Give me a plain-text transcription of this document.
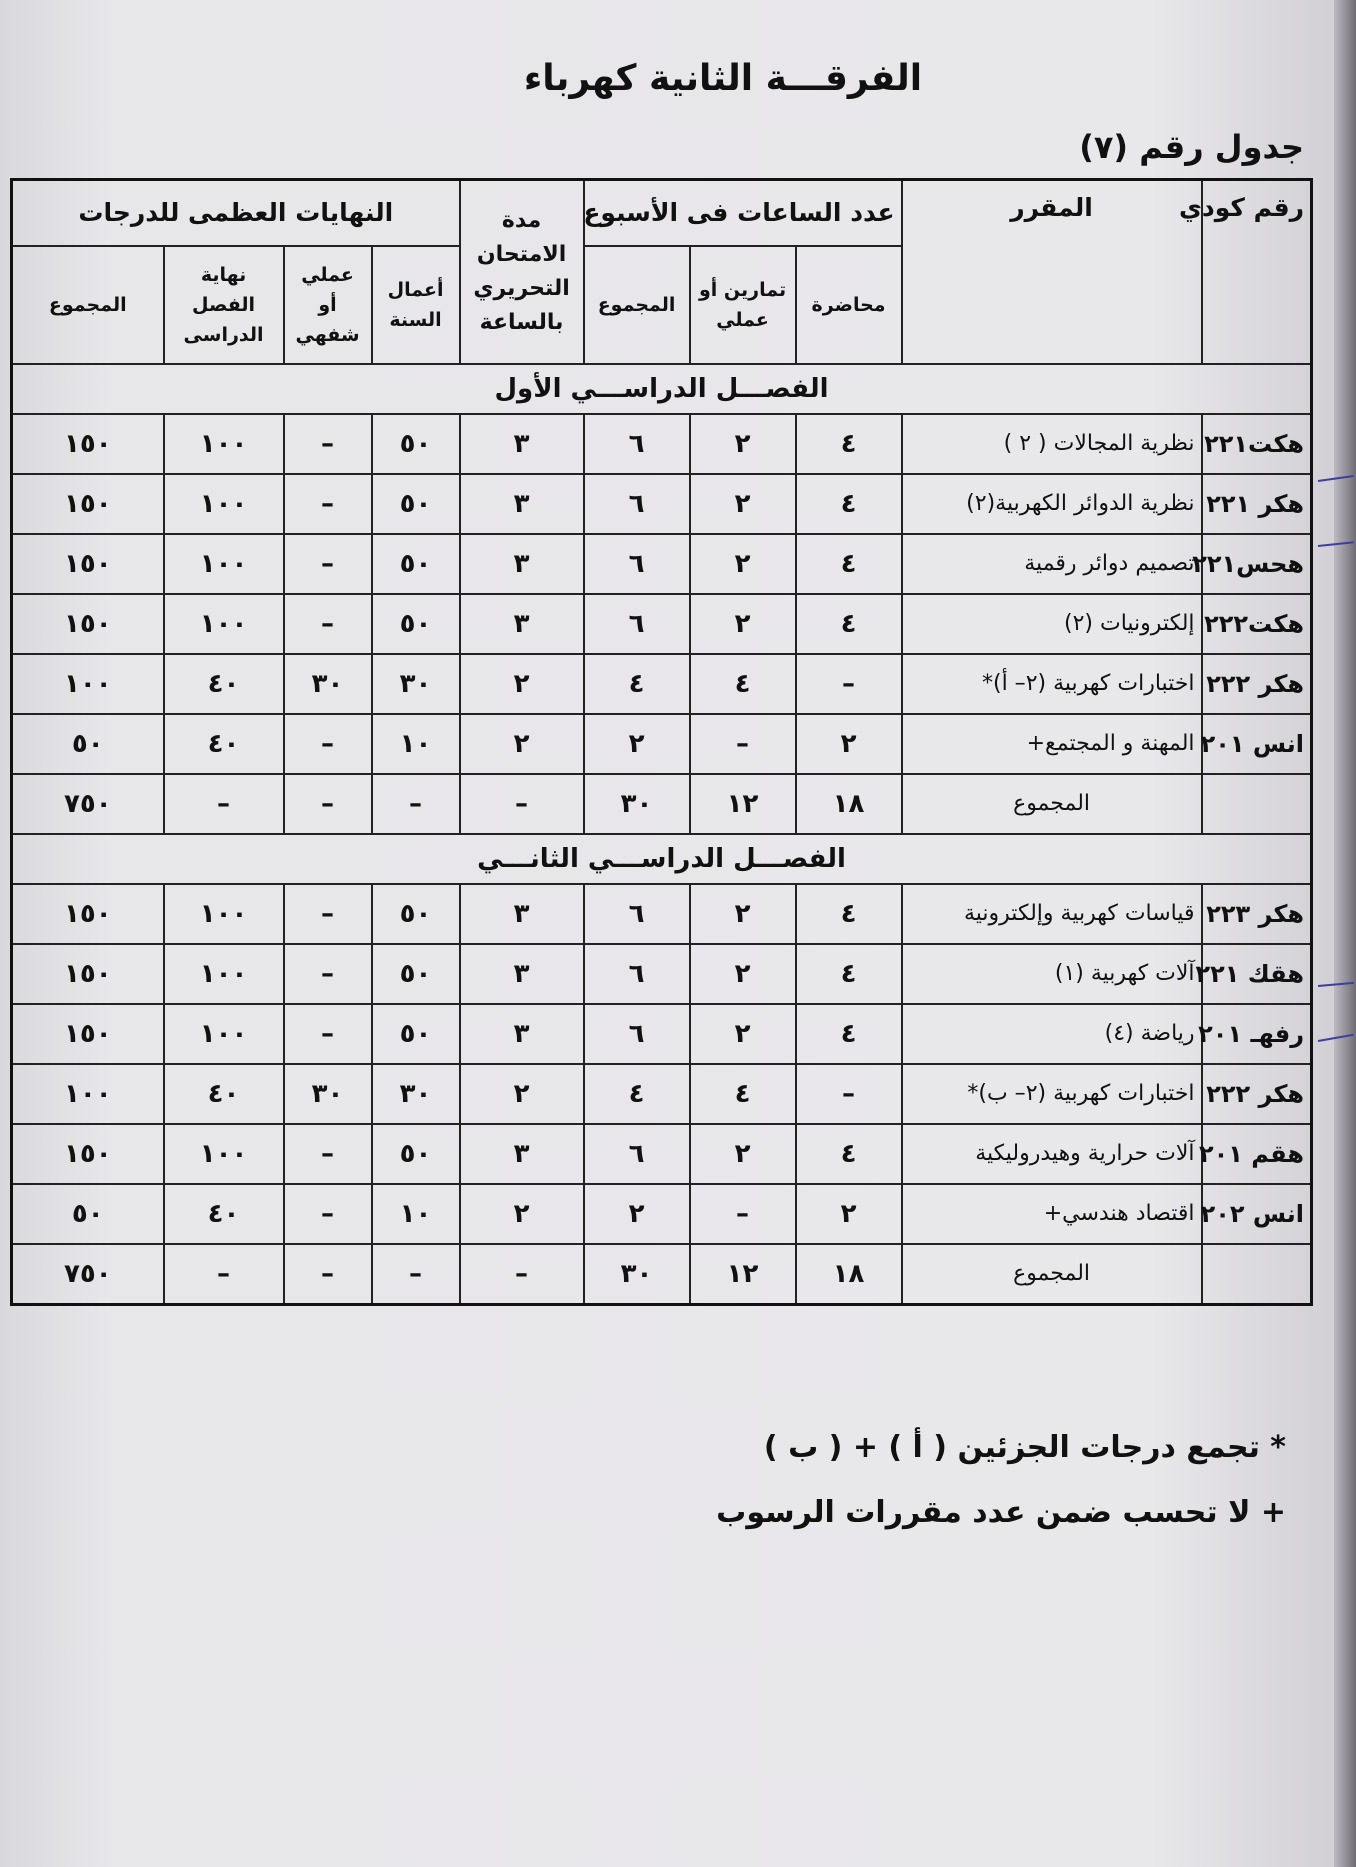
الفرقـــة الثانية كهرباء
جدول رقم (٧)
رقم كودي	المقرر	عدد الساعات فى الأسبوع			مدة الامتحان التحريري بالساعة	النهايات العظمى للدرجات			
		محاضرة	تمارين أو عملي	المجموع		أعمال السنة	عملي أو شفهي	نهاية الفصل الدراسى	المجموع
الفصـــل الدراســـي الأول									
هكت٢٢١	نظرية المجالات ( ٢ )	٤	٢	٦	٣	٥٠	–	١٠٠	١٥٠
هكر ٢٢١	نظرية الدوائر الكهربية(٢)	٤	٢	٦	٣	٥٠	–	١٠٠	١٥٠
هحس٢٢١	تصميم دوائر رقمية	٤	٢	٦	٣	٥٠	–	١٠٠	١٥٠
هكت٢٢٢	إلكترونيات (٢)	٤	٢	٦	٣	٥٠	–	١٠٠	١٥٠
هكر ٢٢٢	اختبارات كهربية (٢– أ)*	–	٤	٤	٢	٣٠	٣٠	٤٠	١٠٠
انس ٢٠١	المهنة و المجتمع+	٢	–	٢	٢	١٠	–	٤٠	٥٠
	المجموع	١٨	١٢	٣٠	–	–	–	–	٧٥٠
الفصـــل الدراســـي الثانـــي									
هكر ٢٢٣	قياسات كهربية وإلكترونية	٤	٢	٦	٣	٥٠	–	١٠٠	١٥٠
هقك ٢٢١	آلات كهربية (١)	٤	٢	٦	٣	٥٠	–	١٠٠	١٥٠
رفهـ ٢٠١	رياضة (٤)	٤	٢	٦	٣	٥٠	–	١٠٠	١٥٠
هكر ٢٢٢	اختبارات كهربية (٢– ب)*	–	٤	٤	٢	٣٠	٣٠	٤٠	١٠٠
هقم ٢٠١	آلات حرارية وهيدروليكية	٤	٢	٦	٣	٥٠	–	١٠٠	١٥٠
انس ٢٠٢	اقتصاد هندسي+	٢	–	٢	٢	١٠	–	٤٠	٥٠
	المجموع	١٨	١٢	٣٠	–	–	–	–	٧٥٠
* تجمع درجات الجزئين ( أ ) + ( ب )
+ لا تحسب ضمن عدد مقررات الرسوب
